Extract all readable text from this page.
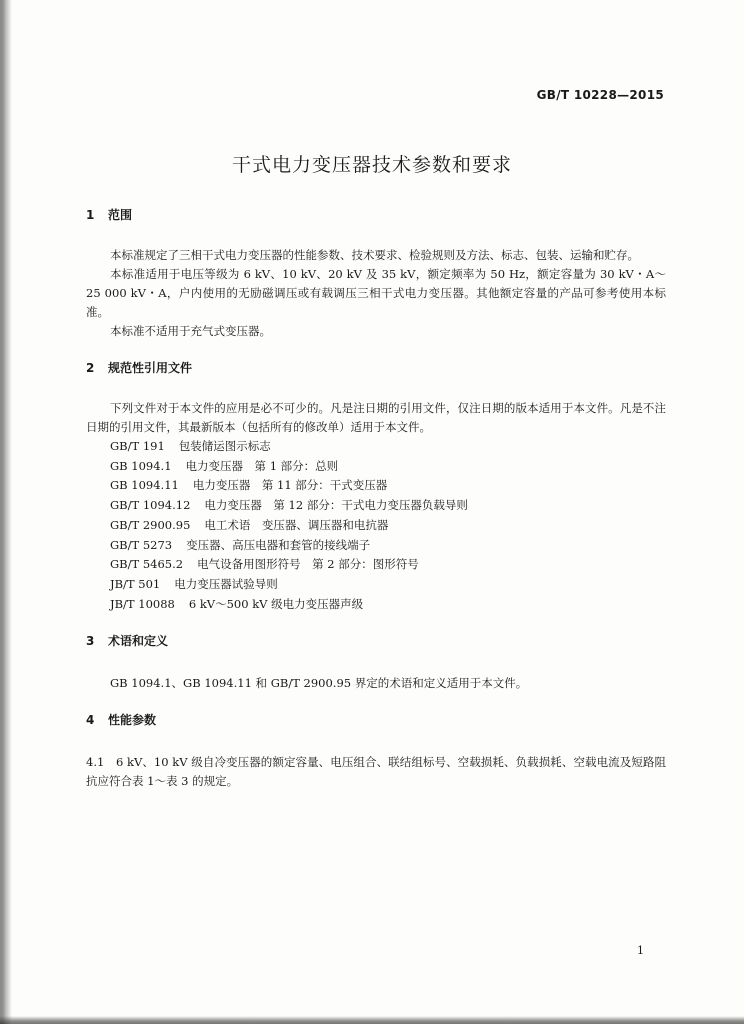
GB/T 10228—2015
干式电力变压器技术参数和要求
1 范围

本标准规定了三相干式电力变压器的性能参数、技术要求、检验规则及方法、标志、包装、运输和贮存。

本标准适用于电压等级为 6 kV、10 kV、20 kV 及 35 kV，额定频率为 50 Hz，额定容量为 30 kV・A～25 000 kV・A，户内使用的无励磁调压或有载调压三相干式电力变压器。其他额定容量的产品可参考使用本标准。

本标准不适用于充气式变压器。

2 规范性引用文件

下列文件对于本文件的应用是必不可少的。凡是注日期的引用文件，仅注日期的版本适用于本文件。凡是不注日期的引用文件，其最新版本（包括所有的修改单）适用于本文件。

GB/T 191 包装储运图示标志
GB 1094.1 电力变压器　第 1 部分：总则
GB 1094.11 电力变压器　第 11 部分：干式变压器
GB/T 1094.12 电力变压器　第 12 部分：干式电力变压器负载导则
GB/T 2900.95 电工术语　变压器、调压器和电抗器
GB/T 5273 变压器、高压电器和套管的接线端子
GB/T 5465.2 电气设备用图形符号　第 2 部分：图形符号
JB/T 501 电力变压器试验导则
JB/T 10088 6 kV～500 kV 级电力变压器声级
3 术语和定义

GB 1094.1、GB 1094.11 和 GB/T 2900.95 界定的术语和定义适用于本文件。

4 性能参数

4.1　6 kV、10 kV 级自冷变压器的额定容量、电压组合、联结组标号、空载损耗、负载损耗、空载电流及短路阻抗应符合表 1～表 3 的规定。

1
